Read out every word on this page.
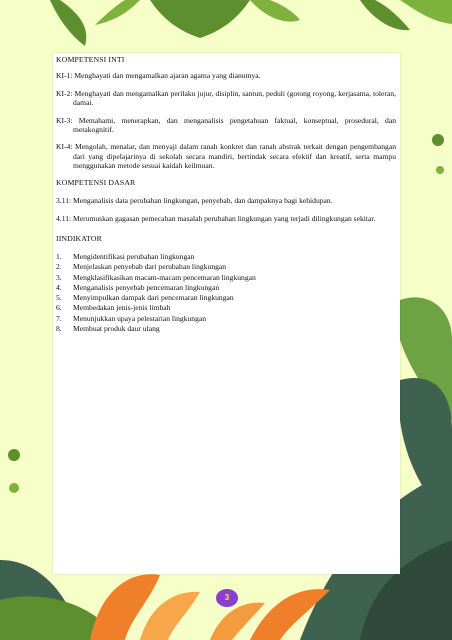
KOMPETENSI INTI

KI-1: Menghayati dan mengamalkan ajaran agama yang dianutnya.

KI-2: Menghayati dan mengamalkan perilaku jujur, disiplin, santun, peduli (gotong royong, kerjasama, toleran, damai.

KI-3: Memahami, menerapkan, dan menganalisis pengetahuan faktual, konseptual, prosedural, dan metakognitif.

KI-4: Mengolah, menalar, dan menyaji dalam ranah konkret dan ranah abstrak terkait dengan pengembangan dari yang dipelajarinya di sekolah secara mandiri, bertindak secara efektif dan kreatif, serta mampu menggunakan metode sesuai kaidah keilmuan.

KOMPETENSI DASAR

3.11: Menganalisis data perubahan lingkungan, penyebab, dan dampaknya bagi kehidupan.

4.11: Merumuskan gagasan pemecahan masalah perubahan lingkungan yang terjadi dilingkungan sekitar.

IINDIKATOR

1.	Mengidentifikasi perubahan lingkungan
2.	Menjelaskan penyebab dari perubahan lingkungan
3.	Mengklasifikasikan macam-macam pencemaran lingkungan
4.	Menganalisis penyebab pencemaran lingkungan
5.	Menyimpulkan dampak dari pencemaran lingkungan
6.	Membedakan jenis-jenis limbah
7.	Menunjukkan upaya pelestarian lingkungan
8.	Membuat produk daur ulang
3
